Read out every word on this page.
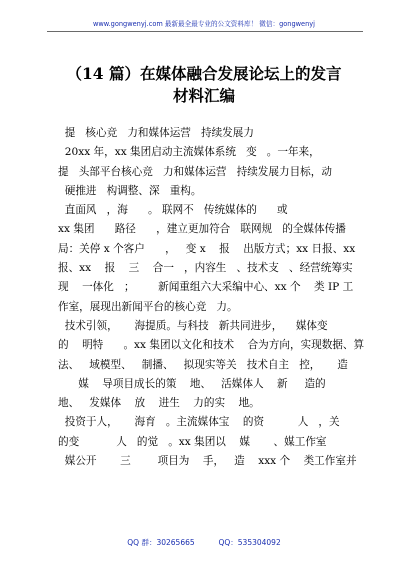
www.gongwenyj.com 最新最全最专业的公文资料库！ 微信：gongwenyj
（14 篇）在媒体融合发展论坛上的发言
材料汇编
提   核心竞   力和媒体运营   持续发展力
20xx 年，xx 集团启动主流媒体系统   变   。一年来，
提   头部平台核心竞   力和媒体运营   持续发展力目标，动
硬推进   构调整、深   重构。
直面风   ，海      。 联网不   传统媒体的      或
xx 集团      路径      ，建立更加符合   联网规   的全媒体传播
局：关停 x 个客户      ，   变 x    报    出版方式；xx 日报、xx
报、xx    报    三    合一   ，内容生   、技术支   、经营统筹实
现    一体化   ；       新闻重组六大采编中心、xx 个    类 IP 工
作室，展现出新闻平台的核心竞   力。
技术引领，     海提质。与科技   新共同进步，    媒体变
的    明特      。xx 集团以文化和技术    合为方向，实现数据、算
法、   域模型、   制播、   拟现实等关   技术自主   控，     造
媒    导项目成长的策    地、   活媒体人    新     造的
地、   发媒体    放    进生    力的实    地。
投资于人，     海育   。主流媒体宝    的资          人   ，关
的变           人   的觉   。xx 集团以    媒       、媒工作室
媒公开       三        项目为    手，   造    xxx 个    类工作室并
QQ 群：30265665          QQ：535304092
